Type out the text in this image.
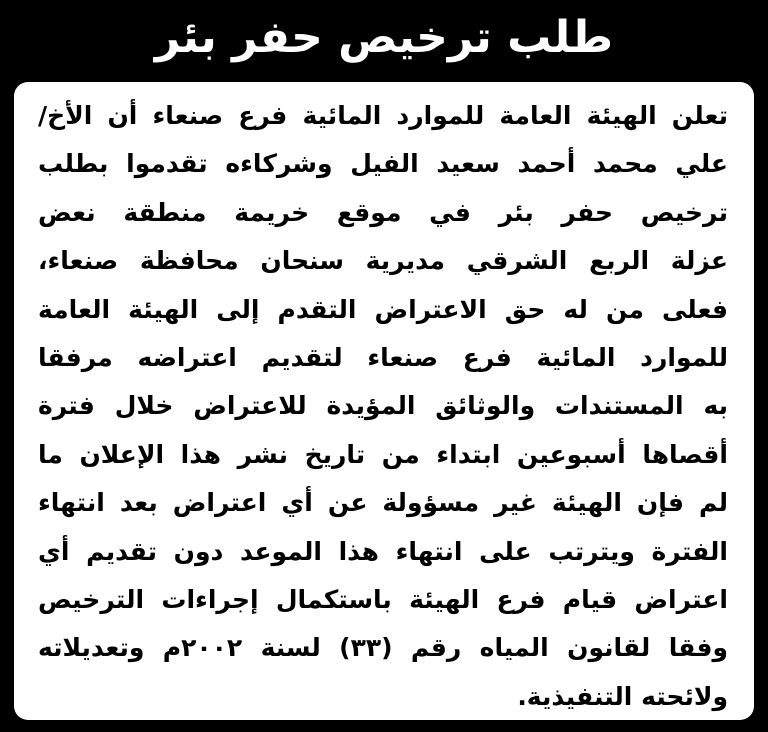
طلب ترخيص حفر بئر
تعلن الهيئة العامة للموارد المائية فرع صنعاء أن الأخ/
علي محمد أحمد سعيد الفيل وشركاءه تقدموا بطلب
ترخيص حفر بئر في موقع خريمة منطقة نعض
عزلة الربع الشرقي مديرية سنحان محافظة صنعاء،
فعلى من له حق الاعتراض التقدم إلى الهيئة العامة
للموارد المائية فرع صنعاء لتقديم اعتراضه مرفقا
به المستندات والوثائق المؤيدة للاعتراض خلال فترة
أقصاها أسبوعين ابتداء من تاريخ نشر هذا الإعلان ما
لم فإن الهيئة غير مسؤولة عن أي اعتراض بعد انتهاء
الفترة ويترتب على انتهاء هذا الموعد دون تقديم أي
اعتراض قيام فرع الهيئة باستكمال إجراءات الترخيص
وفقا لقانون المياه رقم (٣٣) لسنة ٢٠٠٢م وتعديلاته
ولائحته التنفيذية.
